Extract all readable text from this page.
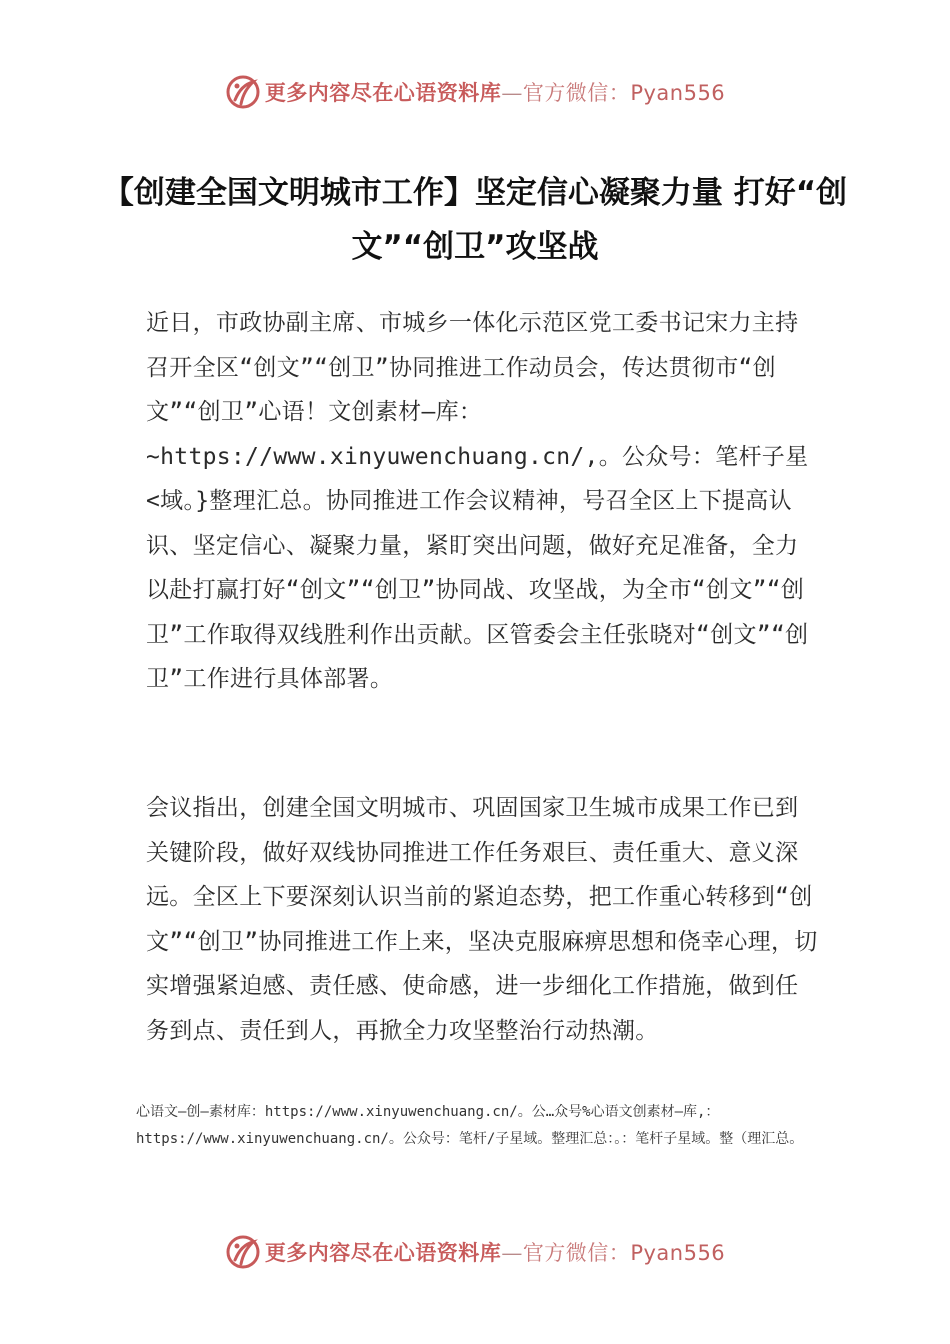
更多内容尽在心语资料库—官方微信：Pyan556
【创建全国文明城市工作】坚定信心凝聚力量 打好“创文”“创卫”攻坚战

近日，市政协副主席、市城乡一体化示范区党工委书记宋力主持召开全区“创文”“创卫”协同推进工作动员会，传达贯彻市“创文”“创卫”心语！文创素材—库：~https://www.xinyuwenchuang.cn/,。公众号：笔杆子星<域。}整理汇总。协同推进工作会议精神，号召全区上下提高认识、坚定信心、凝聚力量，紧盯突出问题，做好充足准备，全力以赴打赢打好“创文”“创卫”协同战、攻坚战，为全市“创文”“创卫”工作取得双线胜利作出贡献。区管委会主任张晓对“创文”“创卫”工作进行具体部署。

会议指出，创建全国文明城市、巩固国家卫生城市成果工作已到关键阶段，做好双线协同推进工作任务艰巨、责任重大、意义深远。全区上下要深刻认识当前的紧迫态势，把工作重心转移到“创文”“创卫”协同推进工作上来，坚决克服麻痹思想和侥幸心理，切实增强紧迫感、责任感、使命感，进一步细化工作措施，做到任务到点、责任到人，再掀全力攻坚整治行动热潮。

心语文—创—素材库：https://www.xinyuwenchuang.cn/。公…众号%心语文创素材—库,：https://www.xinyuwenchuang.cn/。公众号：笔杆/子星域。整理汇总：。：笔杆子星域。整（理汇总。

更多内容尽在心语资料库—官方微信：Pyan556
